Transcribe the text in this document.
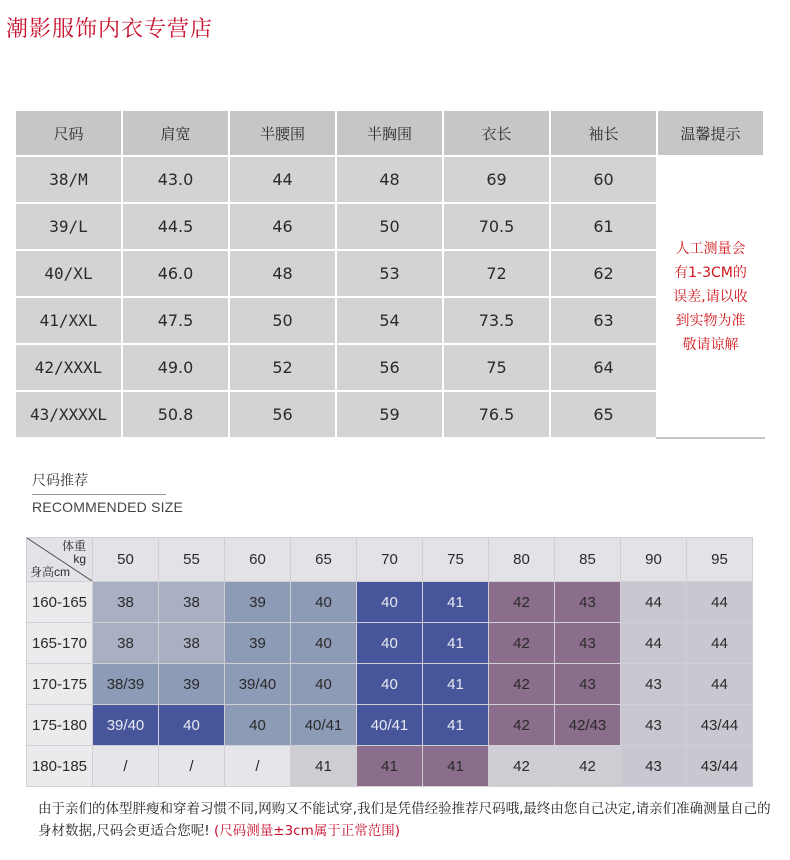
潮影服饰内衣专营店
尺码	肩宽	半腰围	半胸围	衣长	袖长	温馨提示
38/M	43.0	44	48	69	60	人工测量会
有1-3CM的
误差,请以收
到实物为准
敬请谅解

39/L	44.5	46	50	70.5	61	
40/XL	46.0	48	53	72	62	
41/XXL	47.5	50	54	73.5	63	
42/XXXL	49.0	52	56	75	64	
43/XXXXL	50.8	56	59	76.5	65	
尺码推荐
RECOMMENDED SIZE
体重
kg
身高cm	50	55	60	65	70	75	80	85	90	95
160-165	38	38	39	40	40	41	42	43	44	44
165-170	38	38	39	40	40	41	42	43	44	44
170-175	38/39	39	39/40	40	40	41	42	43	43	44
175-180	39/40	40	40	40/41	40/41	41	42	42/43	43	43/44
180-185	/	/	/	41	41	41	42	42	43	43/44
由于亲们的体型胖瘦和穿着习惯不同,网购又不能试穿,我们是凭借经验推荐尺码哦,最终由您自己决定,请亲们准确测量自己的身材数据,尺码会更适合您呢! (尺码测量±3cm属于正常范围)
